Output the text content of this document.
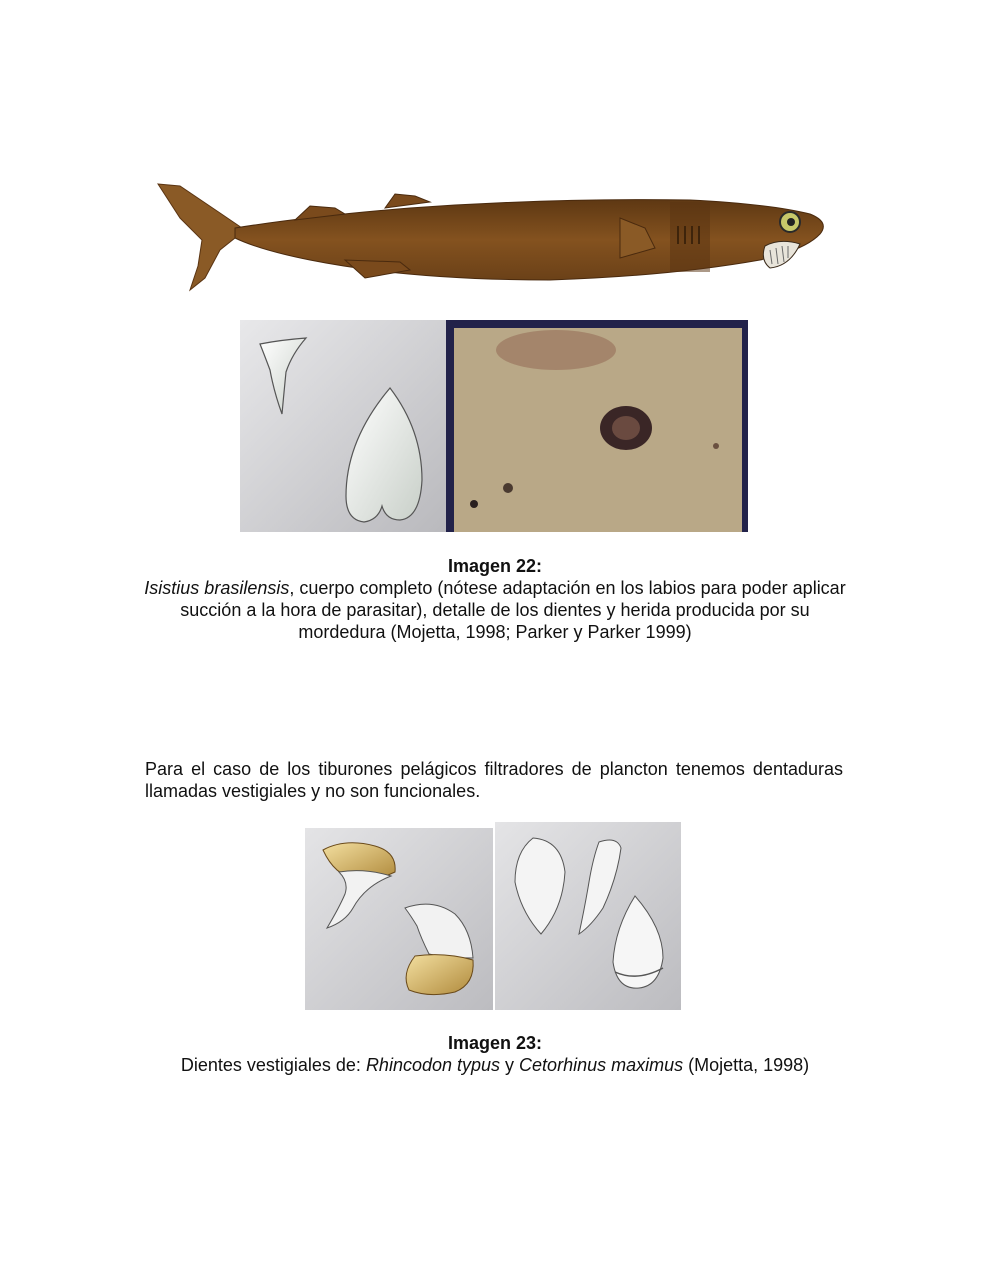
Imagen 22:
Isistius brasilensis, cuerpo completo (nótese adaptación en los labios para poder aplicar succión a la hora de parasitar), detalle de los dientes y herida producida por su mordedura (Mojetta, 1998; Parker y Parker 1999)
Para el caso de los tiburones pelágicos filtradores de plancton tenemos dentaduras llamadas vestigiales y no son funcionales.
Imagen 23:
Dientes vestigiales de: Rhincodon typus y Cetorhinus maximus (Mojetta, 1998)
